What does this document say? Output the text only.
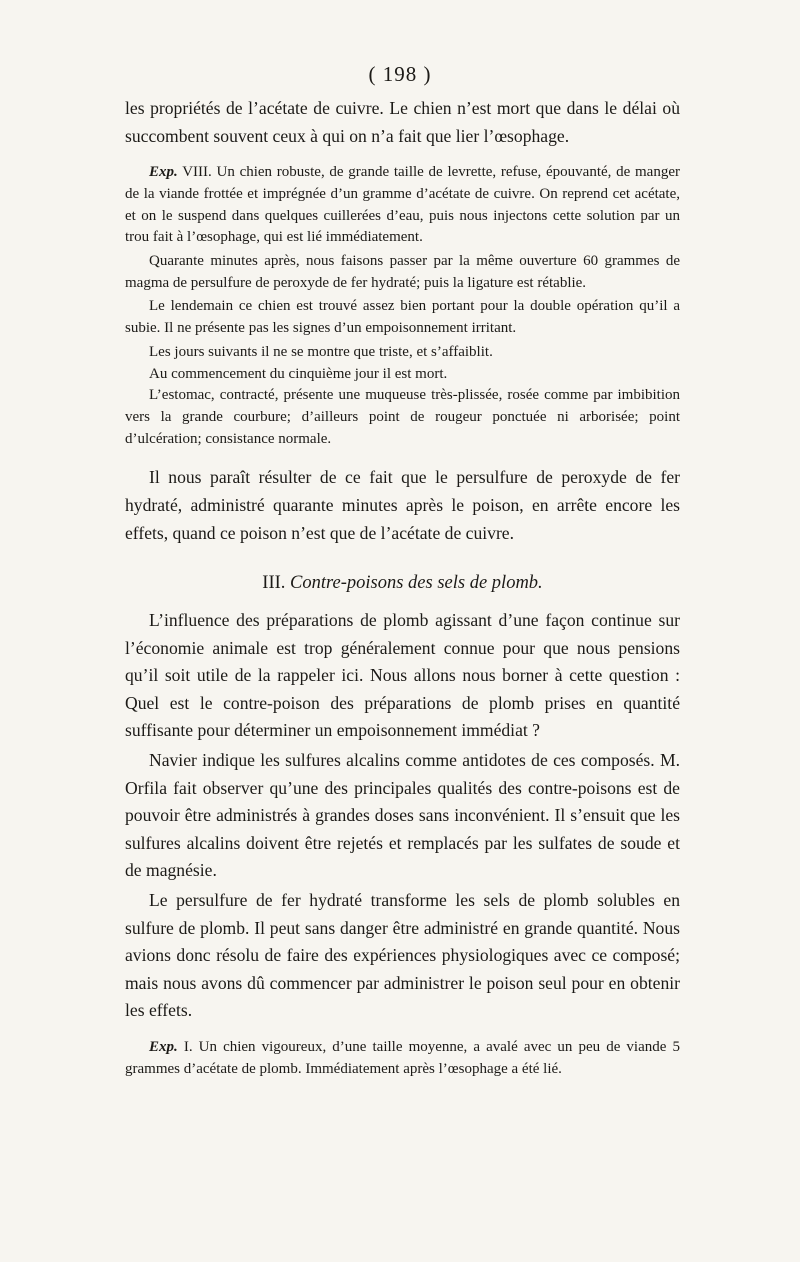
( 198 )

les propriétés de l’acétate de cuivre. Le chien n’est mort que dans le délai où succombent souvent ceux à qui on n’a fait que lier l’œsophage.

Exp. VIII. Un chien robuste, de grande taille de levrette, refuse, épouvanté, de manger de la viande frottée et imprégnée d’un gramme d’acétate de cuivre. On reprend cet acétate, et on le suspend dans quelques cuillerées d’eau, puis nous injectons cette solution par un trou fait à l’œsophage, qui est lié immédiatement.

Quarante minutes après, nous faisons passer par la même ouverture 60 grammes de magma de persulfure de peroxyde de fer hydraté; puis la ligature est rétablie.

Le lendemain ce chien est trouvé assez bien portant pour la double opération qu’il a subie. Il ne présente pas les signes d’un empoisonnement irritant.

Les jours suivants il ne se montre que triste, et s’affaiblit.

Au commencement du cinquième jour il est mort.

L’estomac, contracté, présente une muqueuse très-plissée, rosée comme par imbibition vers la grande courbure; d’ailleurs point de rougeur ponctuée ni arborisée; point d’ulcération; consistance normale.

Il nous paraît résulter de ce fait que le persulfure de peroxyde de fer hydraté, administré quarante minutes après le poison, en arrête encore les effets, quand ce poison n’est que de l’acétate de cuivre.

III. Contre-poisons des sels de plomb.

L’influence des préparations de plomb agissant d’une façon continue sur l’économie animale est trop généralement connue pour que nous pensions qu’il soit utile de la rappeler ici. Nous allons nous borner à cette question : Quel est le contre-poison des préparations de plomb prises en quantité suffisante pour déterminer un empoisonnement immédiat ?

Navier indique les sulfures alcalins comme antidotes de ces composés. M. Orfila fait observer qu’une des principales qualités des contre-poisons est de pouvoir être administrés à grandes doses sans inconvénient. Il s’ensuit que les sulfures alcalins doivent être rejetés et remplacés par les sulfates de soude et de magnésie.

Le persulfure de fer hydraté transforme les sels de plomb solubles en sulfure de plomb. Il peut sans danger être administré en grande quantité. Nous avions donc résolu de faire des expériences physiologiques avec ce composé; mais nous avons dû commencer par administrer le poison seul pour en obtenir les effets.

Exp. I. Un chien vigoureux, d’une taille moyenne, a avalé avec un peu de viande 5 grammes d’acétate de plomb. Immédiatement après l’œsophage a été lié.
